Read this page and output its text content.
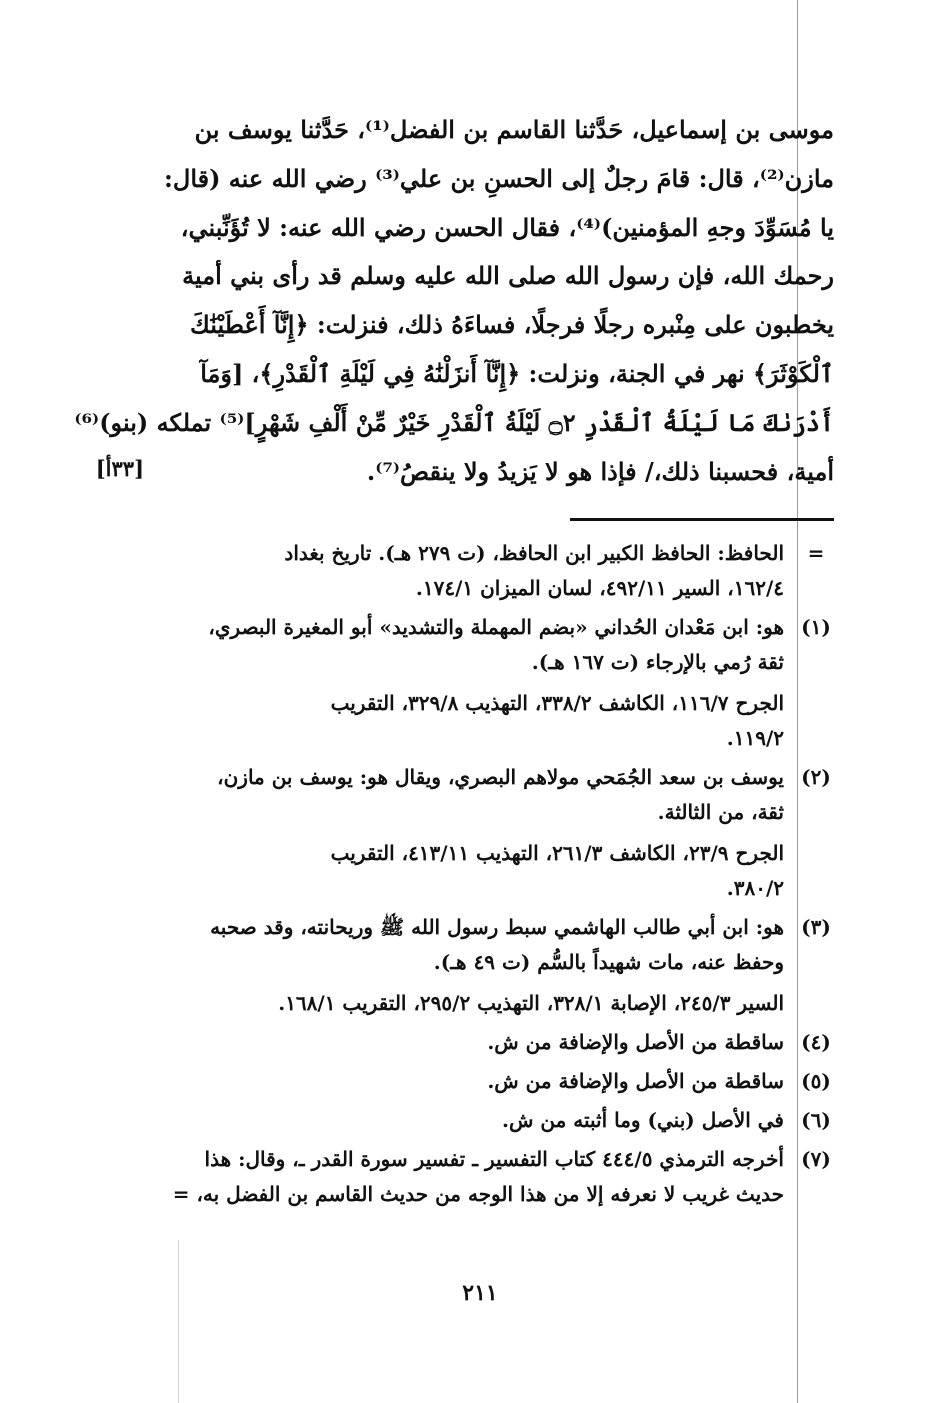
موسى بن إسماعيل، حَدَّثنا القاسم بن الفضل⁽¹⁾، حَدَّثنا يوسف بن
مازن⁽²⁾، قال: قامَ رجلٌ إلى الحسنِ بن علي⁽³⁾ رضي الله عنه (قال:
يا مُسَوِّدَ وجهِ المؤمنين)⁽⁴⁾، فقال الحسن رضي الله عنه: لا تُؤَنِّبني،
رحمك الله، فإن رسول الله صلى الله عليه وسلم قد رأى بني أمية
يخطبون على مِنْبره رجلًا فرجلًا، فساءَهُ ذلك، فنزلت: ﴿إِنَّآ أَعْطَيْنَٰكَ
ٱلْكَوْثَرَ﴾ نهر في الجنة، ونزلت: ﴿إِنَّآ أَنزَلْنَٰهُ فِي لَيْلَةِ ٱلْقَدْرِ﴾، [وَمَآ
أَدْرَىٰكَ مَا لَيْلَةُ ٱلْقَدْرِ ۝٢ لَيْلَةُ ٱلْقَدْرِ خَيْرٌ مِّنْ أَلْفِ شَهْرٍ]⁽⁵⁾ تملكه (بنو)⁽⁶⁾
أمية، فحسبنا ذلك،/ فإذا هو لا يَزيدُ ولا ينقصُ⁽⁷⁾.
[٣٣أ]
=
الحافظ: الحافظ الكبير ابن الحافظ، (ت ٢٧٩ هـ). تاريخ بغداد
١٦٢/٤، السير ٤٩٢/١١، لسان الميزان ١٧٤/١.
(١)
هو: ابن مَعْدان الحُداني «بضم المهملة والتشديد» أبو المغيرة البصري،
ثقة رُمي بالإرجاء (ت ١٦٧ هـ).
الجرح ١١٦/٧، الكاشف ٣٣٨/٢، التهذيب ٣٢٩/٨، التقريب
١١٩/٢.
(٢)
يوسف بن سعد الجُمَحي مولاهم البصري، ويقال هو: يوسف بن مازن،
ثقة، من الثالثة.
الجرح ٢٣/٩، الكاشف ٢٦١/٣، التهذيب ٤١٣/١١، التقريب
٣٨٠/٢.
(٣)
هو: ابن أبي طالب الهاشمي سبط رسول الله ﷺ وريحانته، وقد صحبه
وحفظ عنه، مات شهيداً بالسُّم (ت ٤٩ هـ).
السير ٢٤٥/٣، الإصابة ٣٢٨/١، التهذيب ٢٩٥/٢، التقريب ١٦٨/١.
(٤)
ساقطة من الأصل والإضافة من ش.
(٥)
ساقطة من الأصل والإضافة من ش.
(٦)
في الأصل (بني) وما أثبته من ش.
(٧)
أخرجه الترمذي ٤٤٤/٥ كتاب التفسير ـ تفسير سورة القدر ـ، وقال: هذا
حديث غريب لا نعرفه إلا من هذا الوجه من حديث القاسم بن الفضل به، =
٢١١
